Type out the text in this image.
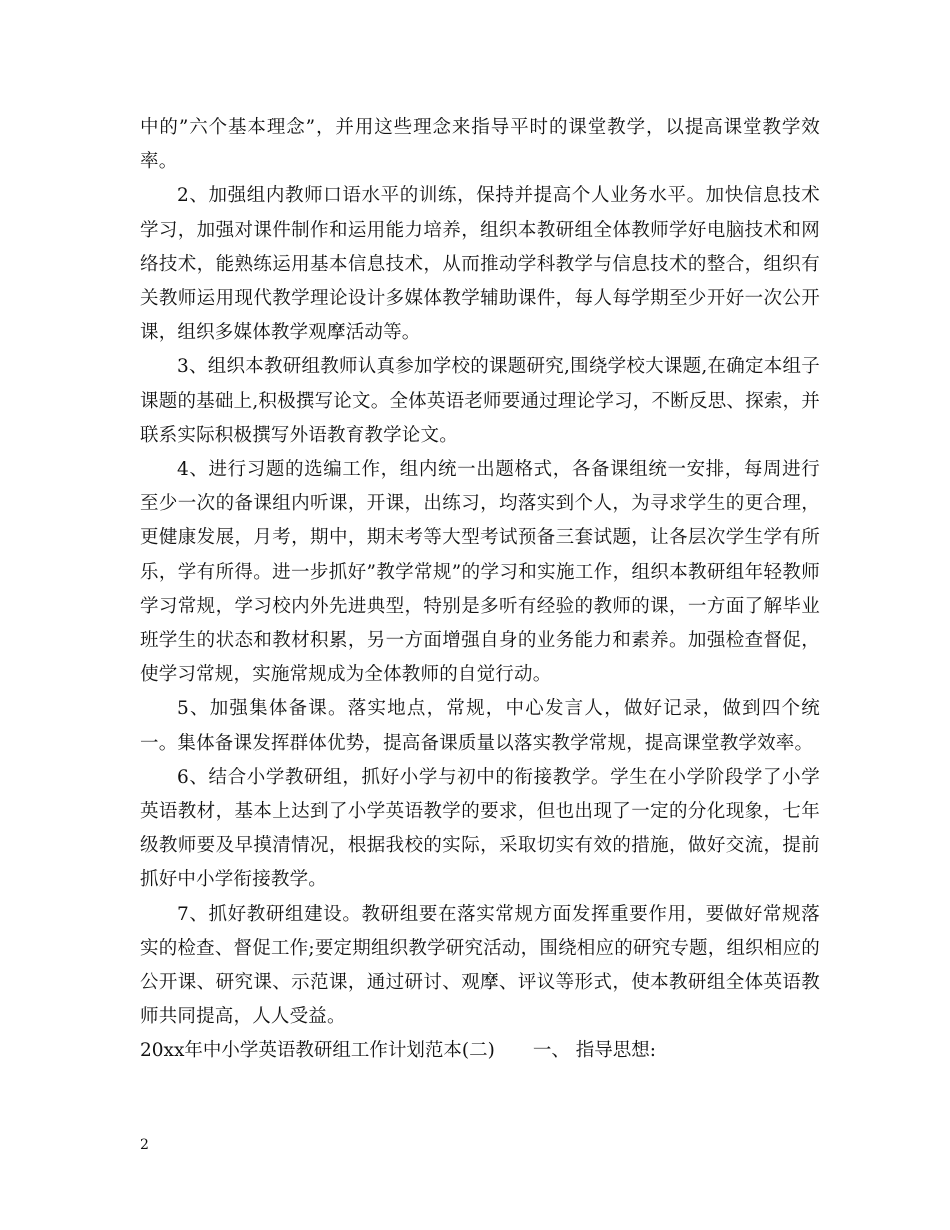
中的”六个基本理念”，并用这些理念来指导平时的课堂教学，以提高课堂教学效率。

2、加强组内教师口语水平的训练，保持并提高个人业务水平。加快信息技术学习，加强对课件制作和运用能力培养，组织本教研组全体教师学好电脑技术和网络技术，能熟练运用基本信息技术，从而推动学科教学与信息技术的整合，组织有关教师运用现代教学理论设计多媒体教学辅助课件，每人每学期至少开好一次公开课，组织多媒体教学观摩活动等。

3、组织本教研组教师认真参加学校的课题研究,围绕学校大课题,在确定本组子课题的基础上,积极撰写论文。全体英语老师要通过理论学习，不断反思、探索，并联系实际积极撰写外语教育教学论文。

4、进行习题的选编工作，组内统一出题格式，各备课组统一安排，每周进行至少一次的备课组内听课，开课，出练习，均落实到个人，为寻求学生的更合理，更健康发展，月考，期中，期末考等大型考试预备三套试题，让各层次学生学有所乐，学有所得。进一步抓好”教学常规”的学习和实施工作，组织本教研组年轻教师学习常规，学习校内外先进典型，特别是多听有经验的教师的课，一方面了解毕业班学生的状态和教材积累，另一方面增强自身的业务能力和素养。加强检查督促，使学习常规，实施常规成为全体教师的自觉行动。

5、加强集体备课。落实地点，常规，中心发言人，做好记录，做到四个统一。集体备课发挥群体优势，提高备课质量以落实教学常规，提高课堂教学效率。

6、结合小学教研组，抓好小学与初中的衔接教学。学生在小学阶段学了小学英语教材，基本上达到了小学英语教学的要求，但也出现了一定的分化现象，七年级教师要及早摸清情况，根据我校的实际，采取切实有效的措施，做好交流，提前抓好中小学衔接教学。

7、抓好教研组建设。教研组要在落实常规方面发挥重要作用，要做好常规落实的检查、督促工作;要定期组织教学研究活动，围绕相应的研究专题，组织相应的公开课、研究课、示范课，通过研讨、观摩、评议等形式，使本教研组全体英语教师共同提高，人人受益。

20xx年中小学英语教研组工作计划范本(二) 一、 指导思想:

2
